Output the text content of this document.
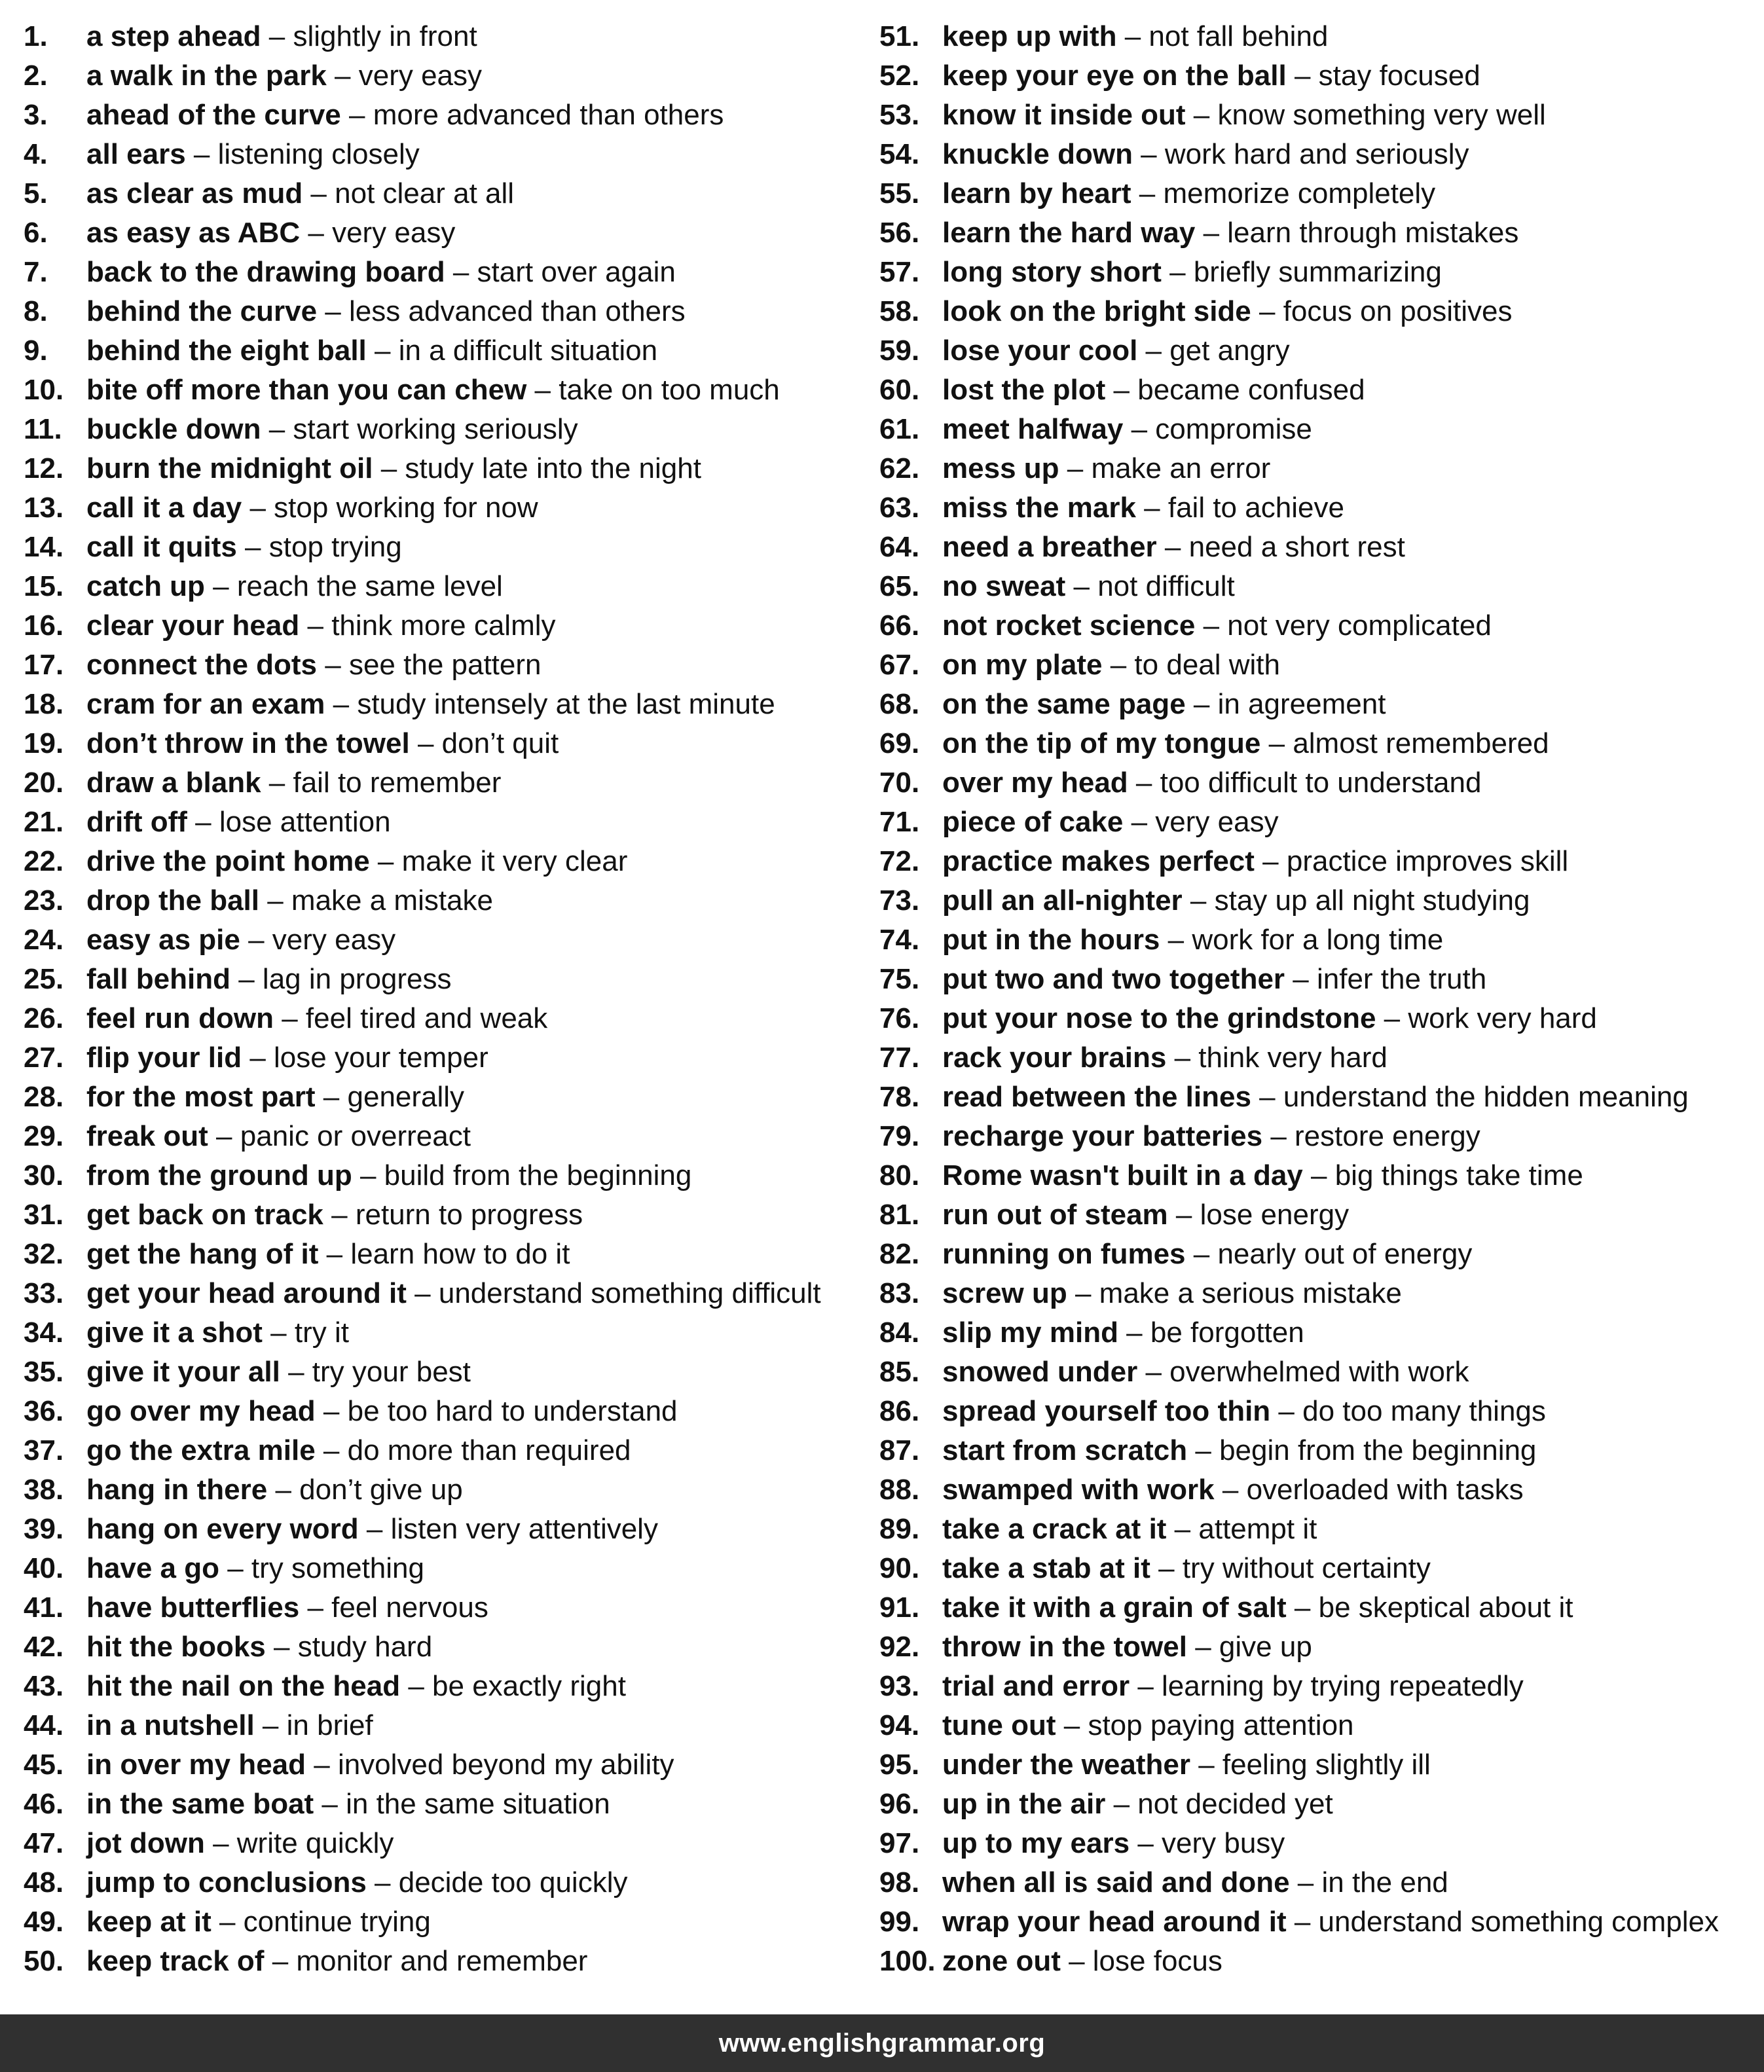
1.	a step ahead – slightly in front
2.	a walk in the park – very easy
3.	ahead of the curve – more advanced than others
4.	all ears – listening closely
5.	as clear as mud – not clear at all
6.	as easy as ABC – very easy
7.	back to the drawing board – start over again
8.	behind the curve – less advanced than others
9.	behind the eight ball – in a difficult situation
10. bite off more than you can chew – take on too much
11. buckle down – start working seriously
12. burn the midnight oil – study late into the night
13. call it a day – stop working for now
14. call it quits – stop trying
15. catch up – reach the same level
16. clear your head – think more calmly
17. connect the dots – see the pattern
18. cram for an exam – study intensely at the last minute
19. don’t throw in the towel – don’t quit
20. draw a blank – fail to remember
21. drift off – lose attention
22. drive the point home – make it very clear
23. drop the ball – make a mistake
24. easy as pie – very easy
25. fall behind – lag in progress
26. feel run down – feel tired and weak
27. flip your lid – lose your temper
28. for the most part – generally
29. freak out – panic or overreact
30. from the ground up – build from the beginning
31. get back on track – return to progress
32. get the hang of it – learn how to do it
33. get your head around it – understand something difficult
34. give it a shot – try it
35. give it your all – try your best
36. go over my head – be too hard to understand
37. go the extra mile – do more than required
38. hang in there – don’t give up
39. hang on every word – listen very attentively
40. have a go – try something
41. have butterflies – feel nervous
42. hit the books – study hard
43. hit the nail on the head – be exactly right
44. in a nutshell – in brief
45. in over my head – involved beyond my ability
46. in the same boat – in the same situation
47. jot down – write quickly
48. jump to conclusions – decide too quickly
49. keep at it – continue trying
50. keep track of – monitor and remember
51. keep up with – not fall behind
52. keep your eye on the ball – stay focused
53. know it inside out – know something very well
54. knuckle down – work hard and seriously
55. learn by heart – memorize completely
56. learn the hard way – learn through mistakes
57. long story short – briefly summarizing
58. look on the bright side – focus on positives
59. lose your cool – get angry
60. lost the plot – became confused
61. meet halfway – compromise
62. mess up – make an error
63. miss the mark – fail to achieve
64. need a breather – need a short rest
65. no sweat – not difficult
66. not rocket science – not very complicated
67. on my plate – to deal with
68. on the same page – in agreement
69. on the tip of my tongue – almost remembered
70. over my head – too difficult to understand
71. piece of cake – very easy
72. practice makes perfect – practice improves skill
73. pull an all-nighter – stay up all night studying
74. put in the hours – work for a long time
75. put two and two together – infer the truth
76. put your nose to the grindstone – work very hard
77. rack your brains – think very hard
78. read between the lines – understand the hidden meaning
79. recharge your batteries – restore energy
80. Rome wasn't built in a day – big things take time
81. run out of steam – lose energy
82. running on fumes – nearly out of energy
83. screw up – make a serious mistake
84. slip my mind – be forgotten
85. snowed under – overwhelmed with work
86. spread yourself too thin – do too many things
87. start from scratch – begin from the beginning
88. swamped with work – overloaded with tasks
89. take a crack at it – attempt it
90. take a stab at it – try without certainty
91. take it with a grain of salt – be skeptical about it
92. throw in the towel – give up
93. trial and error – learning by trying repeatedly
94. tune out – stop paying attention
95. under the weather – feeling slightly ill
96. up in the air – not decided yet
97. up to my ears – very busy
98. when all is said and done – in the end
99. wrap your head around it – understand something complex
100. zone out – lose focus
www.englishgrammar.org
